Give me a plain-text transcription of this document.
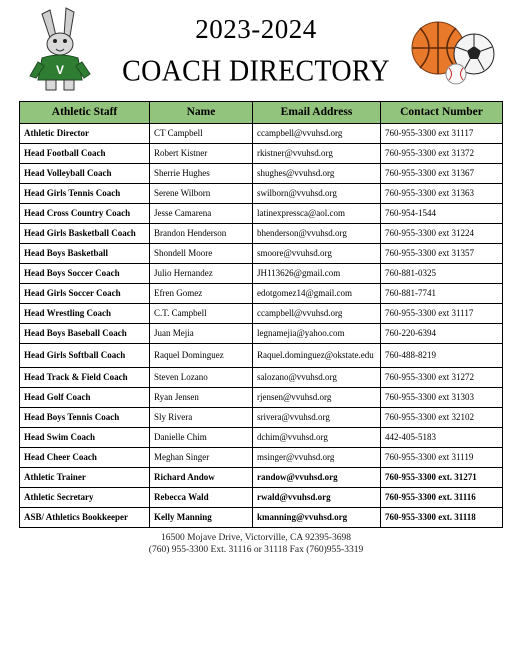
V
2023-2024
COACH DIRECTORY
Athletic Staff	Name	Email Address	Contact Number
Athletic Director	CT Campbell	ccampbell@vvuhsd.org	760-955-3300 ext 31117
Head Football Coach	Robert Kistner	rkistner@vvuhsd.org	760-955-3300 ext 31372
Head Volleyball Coach	Sherrie Hughes	shughes@vvuhsd.org	760-955-3300 ext 31367
Head Girls Tennis Coach	Serene Wilborn	swilborn@vvuhsd.org	760-955-3300 ext 31363
Head Cross Country Coach	Jesse Camarena	latinexpressca@aol.com	760-954-1544
Head Girls Basketball Coach	Brandon Henderson	bhenderson@vvuhsd.org	760-955-3300 ext 31224
Head Boys Basketball	Shondell Moore	smoore@vvuhsd.org	760-955-3300 ext 31357
Head Boys Soccer Coach	Julio Hernandez	JH113626@gmail.com	760-881-0325
Head Girls Soccer Coach	Efren Gomez	edotgomez14@gmail.com	760-881-7741
Head Wrestling Coach	C.T. Campbell	ccampbell@vvuhsd.org	760-955-3300 ext 31117
Head Boys Baseball Coach	Juan Mejia	legnamejia@yahoo.com	760-220-6394
Head Girls Softball Coach	Raquel Dominguez	Raquel.dominguez@okstate.edu	760-488-8219
Head Track & Field Coach	Steven Lozano	salozano@vvuhsd.org	760-955-3300 ext 31272
Head Golf Coach	Ryan Jensen	rjensen@vvuhsd.org	760-955-3300 ext 31303
Head Boys Tennis Coach	Sly Rivera	srivera@vvuhsd.org	760-955-3300 ext 32102
Head Swim Coach	Danielle Chim	dchim@vvuhsd.org	442-405-5183
Head Cheer Coach	Meghan Singer	msinger@vvuhsd.org	760-955-3300 ext 31119
Athletic Trainer	Richard Andow	randow@vvuhsd.org	760-955-3300 ext. 31271
Athletic Secretary	Rebecca Wald	rwald@vvuhsd.org	760-955-3300 ext. 31116
ASB/ Athletics Bookkeeper	Kelly Manning	kmanning@vvuhsd.org	760-955-3300 ext. 31118
16500 Mojave Drive, Victorville, CA 92395-3698
(760) 955-3300 Ext. 31116 or 31118 Fax (760)955-3319
